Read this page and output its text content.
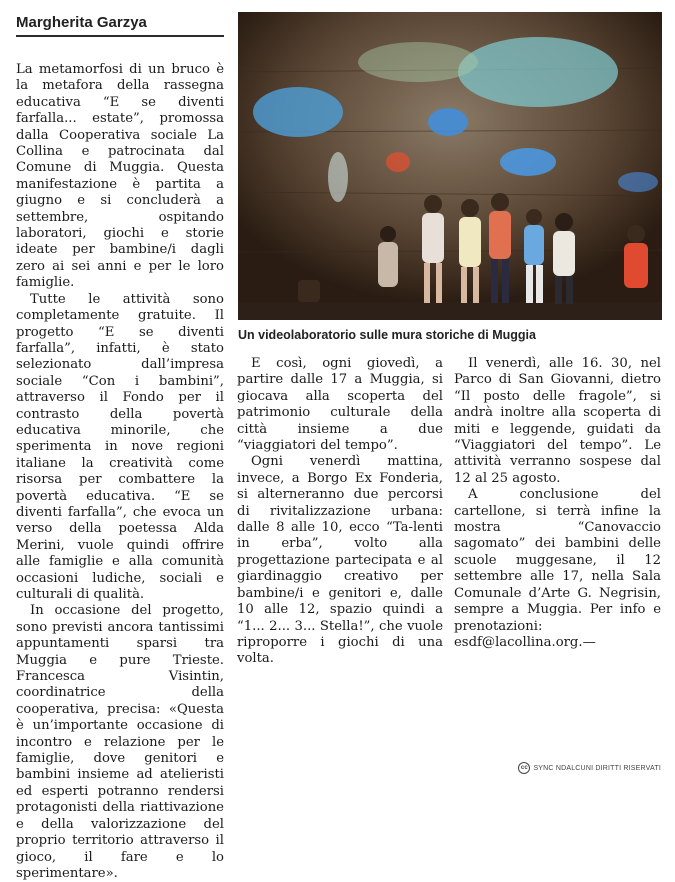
Margherita Garzya

La metamorfosi di un bruco è la metafora della rassegna educativa “E se diventi farfalla... estate”, promossa dalla Cooperativa sociale La Collina e patrocinata dal Comune di Muggia. Questa manifestazione è partita a giugno e si concluderà a settembre, ospitando laboratori, giochi e storie ideate per bambine/i dagli zero ai sei anni e per le loro famiglie.

Tutte le attività sono completamente gratuite. Il progetto “E se diventi farfalla”, infatti, è stato selezionato dall’impresa sociale “Con i bambini”, attraverso il Fondo per il contrasto della povertà educativa minorile, che sperimenta in nove regioni italiane la creatività come risorsa per combattere la povertà educativa. “E se diventi farfalla”, che evoca un verso della poetessa Alda Merini, vuole quindi offrire alle famiglie e alla comunità occasioni ludiche, sociali e culturali di qualità.

In occasione del progetto, sono previsti ancora tantissimi appuntamenti sparsi tra Muggia e pure Trieste. Francesca Visintin, coordinatrice della cooperativa, precisa: «Questa è un’importante occasione di incontro e relazione per le famiglie, dove genitori e bambini insieme ad atelieristi ed esperti potranno rendersi protagonisti della riattivazione e della valorizzazione del proprio territorio attraverso il gioco, il fare e lo sperimentare».

E così, ogni giovedì, a partire dalle 17 a Muggia, si giocava alla scoperta del patrimonio culturale della città insieme a due “viaggiatori del tempo”.

Ogni venerdì mattina, invece, a Borgo Ex Fonderia, si alterneranno due percorsi di rivitalizzazione urbana: dalle 8 alle 10, ecco “Ta-lenti in erba”, volto alla progettazione partecipata e al giardinaggio creativo per bambine/i e genitori e, dalle 10 alle 12, spazio quindi a “1... 2... 3... Stella!”, che vuole riproporre i giochi di una volta.

Il venerdì, alle 16. 30, nel Parco di San Giovanni, dietro “Il posto delle fragole”, si andrà inoltre alla scoperta di miti e leggende, guidati da “Viaggiatori del tempo”. Le attività verranno sospese dal 12 al 25 agosto.

A conclusione del cartellone, si terrà infine la mostra “Canovaccio sagomato” dei bambini delle scuole muggesane, il 12 settembre alle 17, nella Sala Comunale d’Arte G. Negrisin, sempre a Muggia. Per info e prenotazioni: esdf@lacollina.org.—

Un videolaboratorio sulle mura storiche di Muggia
cc SYNC NDALCUNI DIRITTI RISERVATI
